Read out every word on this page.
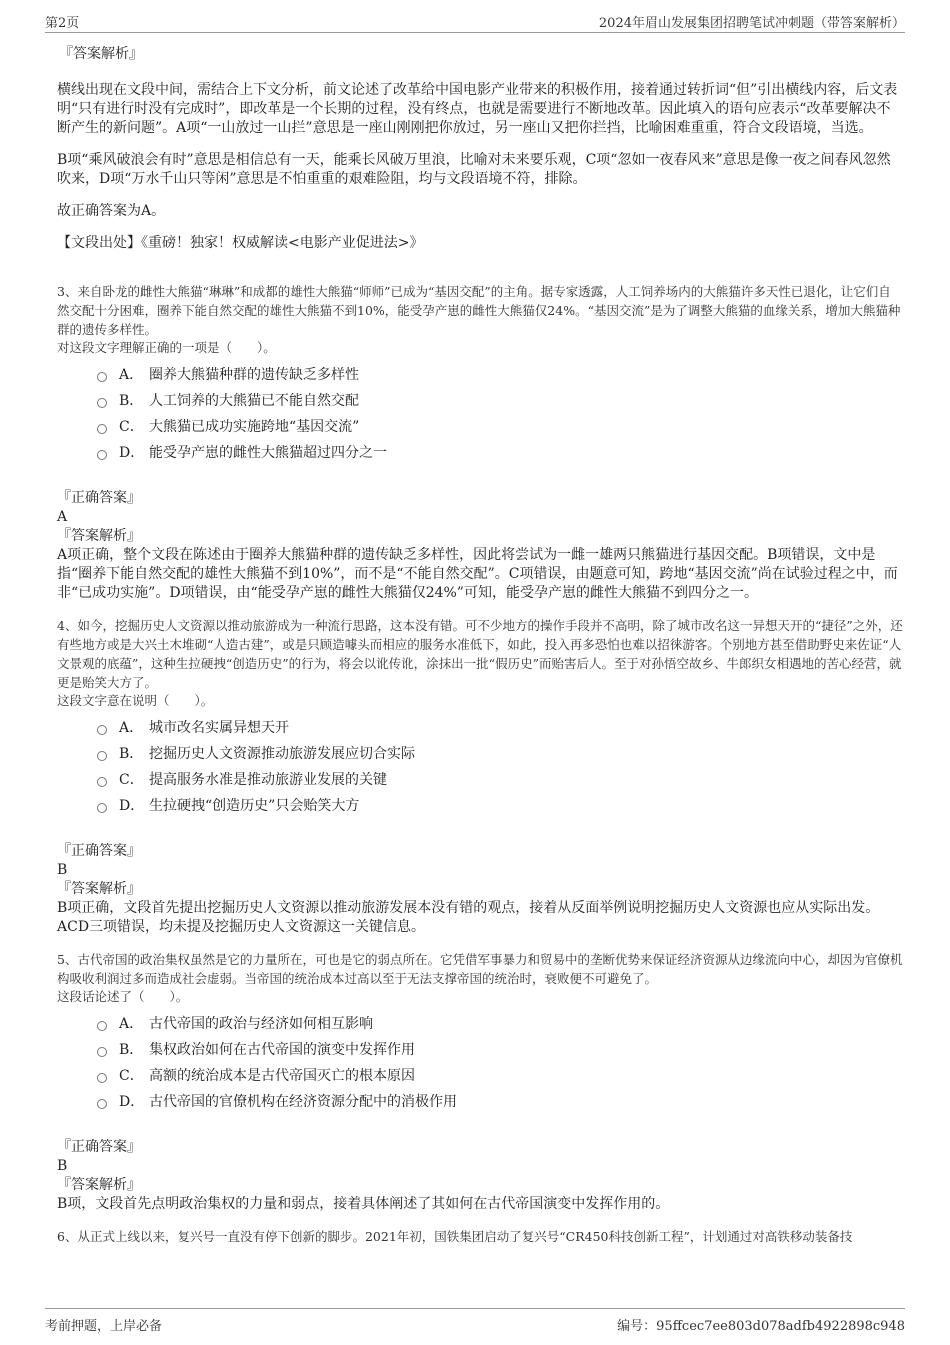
第2页	2024年眉山发展集团招聘笔试冲刺题（带答案解析）

『答案解析』

横线出现在文段中间，需结合上下文分析，前文论述了改革给中国电影产业带来的积极作用，接着通过转折词“但”引出横线内容，后文表明“只有进行时没有完成时”，即改革是一个长期的过程，没有终点，也就是需要进行不断地改革。因此填入的语句应表示“改革要解决不断产生的新问题”。A项“一山放过一山拦”意思是一座山刚刚把你放过，另一座山又把你拦挡，比喻困难重重，符合文段语境，当选。

B项“乘风破浪会有时”意思是相信总有一天，能乘长风破万里浪，比喻对未来要乐观，C项“忽如一夜春风来”意思是像一夜之间春风忽然吹来，D项“万水千山只等闲”意思是不怕重重的艰难险阻，均与文段语境不符，排除。

故正确答案为A。

【文段出处】《重磅！独家！权威解读<电影产业促进法>》

3、来自卧龙的雌性大熊猫“琳琳”和成都的雄性大熊猫“师师”已成为“基因交配”的主角。据专家透露，人工饲养场内的大熊猫许多天性已退化，让它们自然交配十分困难，圈养下能自然交配的雄性大熊猫不到10%，能受孕产崽的雌性大熊猫仅24%。“基因交流”是为了调整大熊猫的血缘关系，增加大熊猫种群的遗传多样性。

对这段文字理解正确的一项是（　　）。

A． 圈养大熊猫种群的遗传缺乏多样性
B． 人工饲养的大熊猫已不能自然交配
C． 大熊猫已成功实施跨地“基因交流”
D． 能受孕产崽的雌性大熊猫超过四分之一

『正确答案』

A

『答案解析』

A项正确，整个文段在陈述由于圈养大熊猫种群的遗传缺乏多样性，因此将尝试为一雌一雄两只熊猫进行基因交配。B项错误，文中是指“圈养下能自然交配的雄性大熊猫不到10%”，而不是“不能自然交配”。C项错误，由题意可知，跨地“基因交流”尚在试验过程之中，而非“已成功实施”。D项错误，由“能受孕产崽的雌性大熊猫仅24%”可知，能受孕产崽的雌性大熊猫不到四分之一。

4、如今，挖掘历史人文资源以推动旅游成为一种流行思路，这本没有错。可不少地方的操作手段并不高明，除了城市改名这一异想天开的“捷径”之外，还有些地方或是大兴土木堆砌“人造古建”，或是只顾造噱头而相应的服务水准低下，如此，投入再多恐怕也难以招徕游客。个别地方甚至借助野史来佐证“人文景观的底蕴”，这种生拉硬拽“创造历史”的行为，将会以讹传讹，涂抹出一批“假历史”而贻害后人。至于对孙悟空故乡、牛郎织女相遇地的苦心经营，就更是贻笑大方了。

这段文字意在说明（　　）。

A． 城市改名实属异想天开
B． 挖掘历史人文资源推动旅游发展应切合实际
C． 提高服务水准是推动旅游业发展的关键
D． 生拉硬拽“创造历史”只会贻笑大方

『正确答案』

B

『答案解析』

B项正确，文段首先提出挖掘历史人文资源以推动旅游发展本没有错的观点，接着从反面举例说明挖掘历史人文资源也应从实际出发。ACD三项错误，均未提及挖掘历史人文资源这一关键信息。

5、古代帝国的政治集权虽然是它的力量所在，可也是它的弱点所在。它凭借军事暴力和贸易中的垄断优势来保证经济资源从边缘流向中心，却因为官僚机构吸收利润过多而造成社会虚弱。当帝国的统治成本过高以至于无法支撑帝国的统治时，衰败便不可避免了。

这段话论述了（　　）。

A． 古代帝国的政治与经济如何相互影响
B． 集权政治如何在古代帝国的演变中发挥作用
C． 高额的统治成本是古代帝国灭亡的根本原因
D． 古代帝国的官僚机构在经济资源分配中的消极作用

『正确答案』

B

『答案解析』

B项，文段首先点明政治集权的力量和弱点，接着具体阐述了其如何在古代帝国演变中发挥作用的。

6、从正式上线以来，复兴号一直没有停下创新的脚步。2021年初，国铁集团启动了复兴号“CR450科技创新工程”，计划通过对高铁移动装备技

考前押题，上岸必备	编号：95ffcec7ee803d078adfb4922898c948
